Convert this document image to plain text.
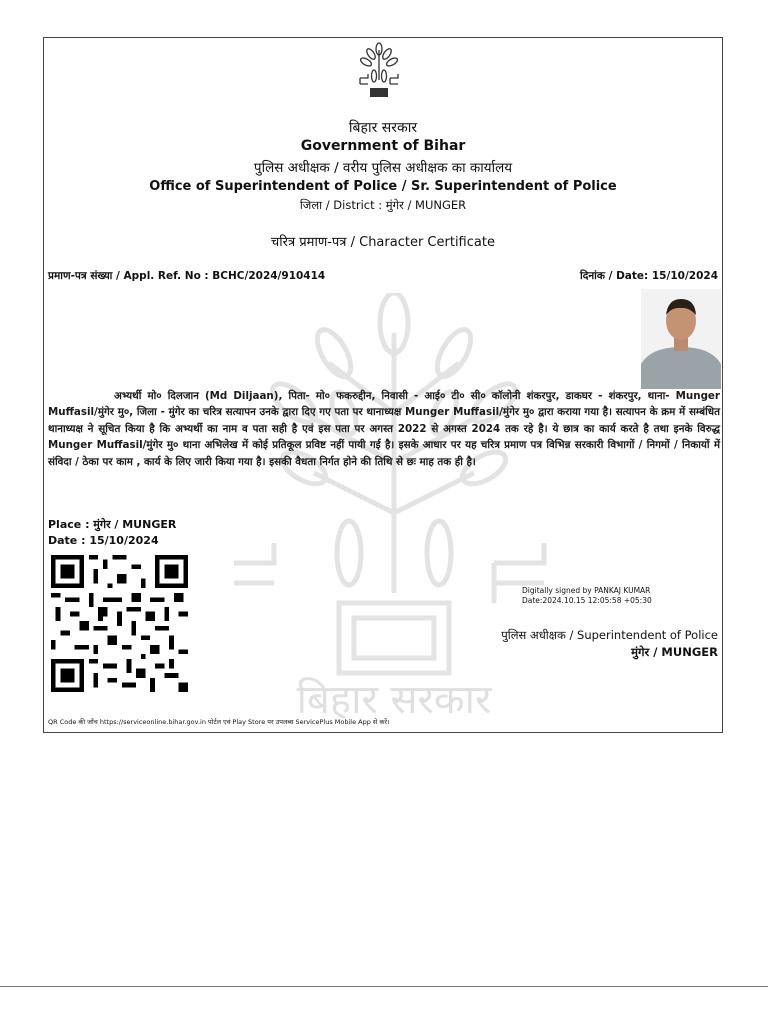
बिहार सरकार
बिहार सरकार
Government of Bihar
पुलिस अधीक्षक / वरीय पुलिस अधीक्षक का कार्यालय
Office of Superintendent of Police / Sr. Superintendent of Police
जिला / District : मुंगेर / MUNGER
चरित्र प्रमाण-पत्र / Character Certificate
प्रमाण-पत्र संख्या / Appl. Ref. No : BCHC/2024/910414	दिनांक / Date: 15/10/2024
अभ्यर्थी मो० दिलजान (Md Diljaan), पिता- मो० फकरुद्दीन, निवासी - आई० टी० सी० कॉलोनी शंकरपुर, डाकघर - शंकरपुर, थाना- Munger Muffasil/मुंगेर मु०, जिला - मुंगेर का चरित्र सत्यापन उनके द्वारा दिए गए पता पर थानाध्यक्ष Munger Muffasil/मुंगेर मु० द्वारा कराया गया है। सत्यापन के क्रम में सम्बंधित थानाध्यक्ष ने सूचित किया है कि अभ्यर्थी का नाम व पता सही है एवं इस पता पर अगस्त 2022 से अगस्त 2024 तक रहे है। ये छात्र का कार्य करते है तथा इनके विरुद्ध Munger Muffasil/मुंगेर मु० थाना अभिलेख में कोई प्रतिकूल प्रविष्ट नहीं पायी गई है। इसके आधार पर यह चरित्र प्रमाण पत्र विभिन्न सरकारी विभागों / निगमों / निकायों में संविदा / ठेका पर काम , कार्य के लिए जारी किया गया है। इसकी वैधता निर्गत होने की तिथि से छः माह तक ही है।
Place : मुंगेर / MUNGER
Date : 15/10/2024
Digitally signed by PANKAJ KUMAR
Date:2024.10.15 12:05:58 +05:30
पुलिस अधीक्षक / Superintendent of Police
मुंगेर / MUNGER
QR Code की जाँच https://serviceonline.bihar.gov.in पोर्टल एवं Play Store पर उपलब्ध ServicePlus Mobile App से करें।
